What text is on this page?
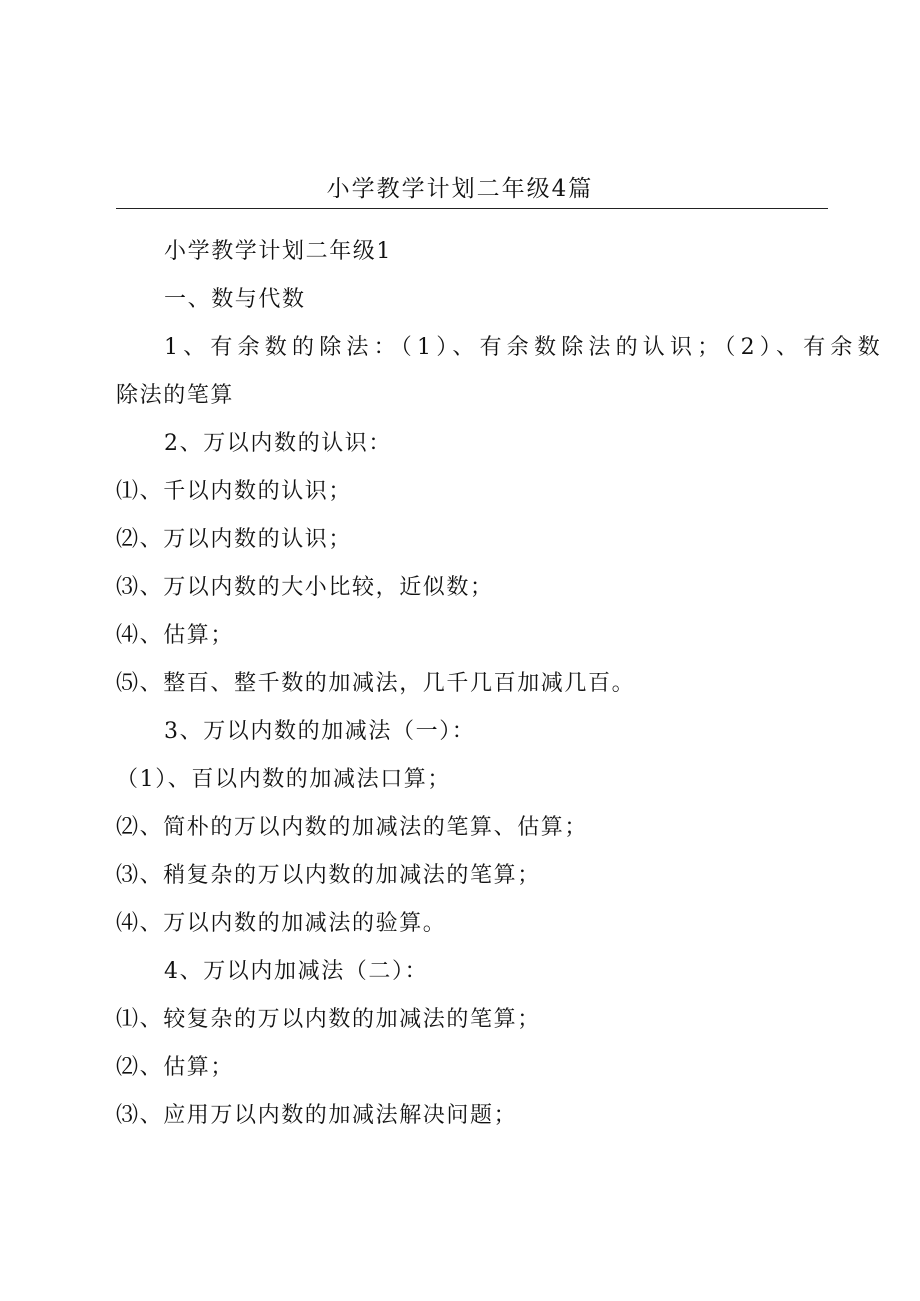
小学教学计划二年级4篇
小学教学计划二年级1
一、数与代数
1、有余数的除法：（1）、有余数除法的认识；（2）、有余数
除法的笔算
2、万以内数的认识：
⑴、千以内数的认识；
⑵、万以内数的认识；
⑶、万以内数的大小比较，近似数；
⑷、估算；
⑸、整百、整千数的加减法，几千几百加减几百。
3、万以内数的加减法（一）：
（1）、百以内数的加减法口算；
⑵、简朴的万以内数的加减法的笔算、估算；
⑶、稍复杂的万以内数的加减法的笔算；
⑷、万以内数的加减法的验算。
4、万以内加减法（二）：
⑴、较复杂的万以内数的加减法的笔算；
⑵、估算；
⑶、应用万以内数的加减法解决问题；
